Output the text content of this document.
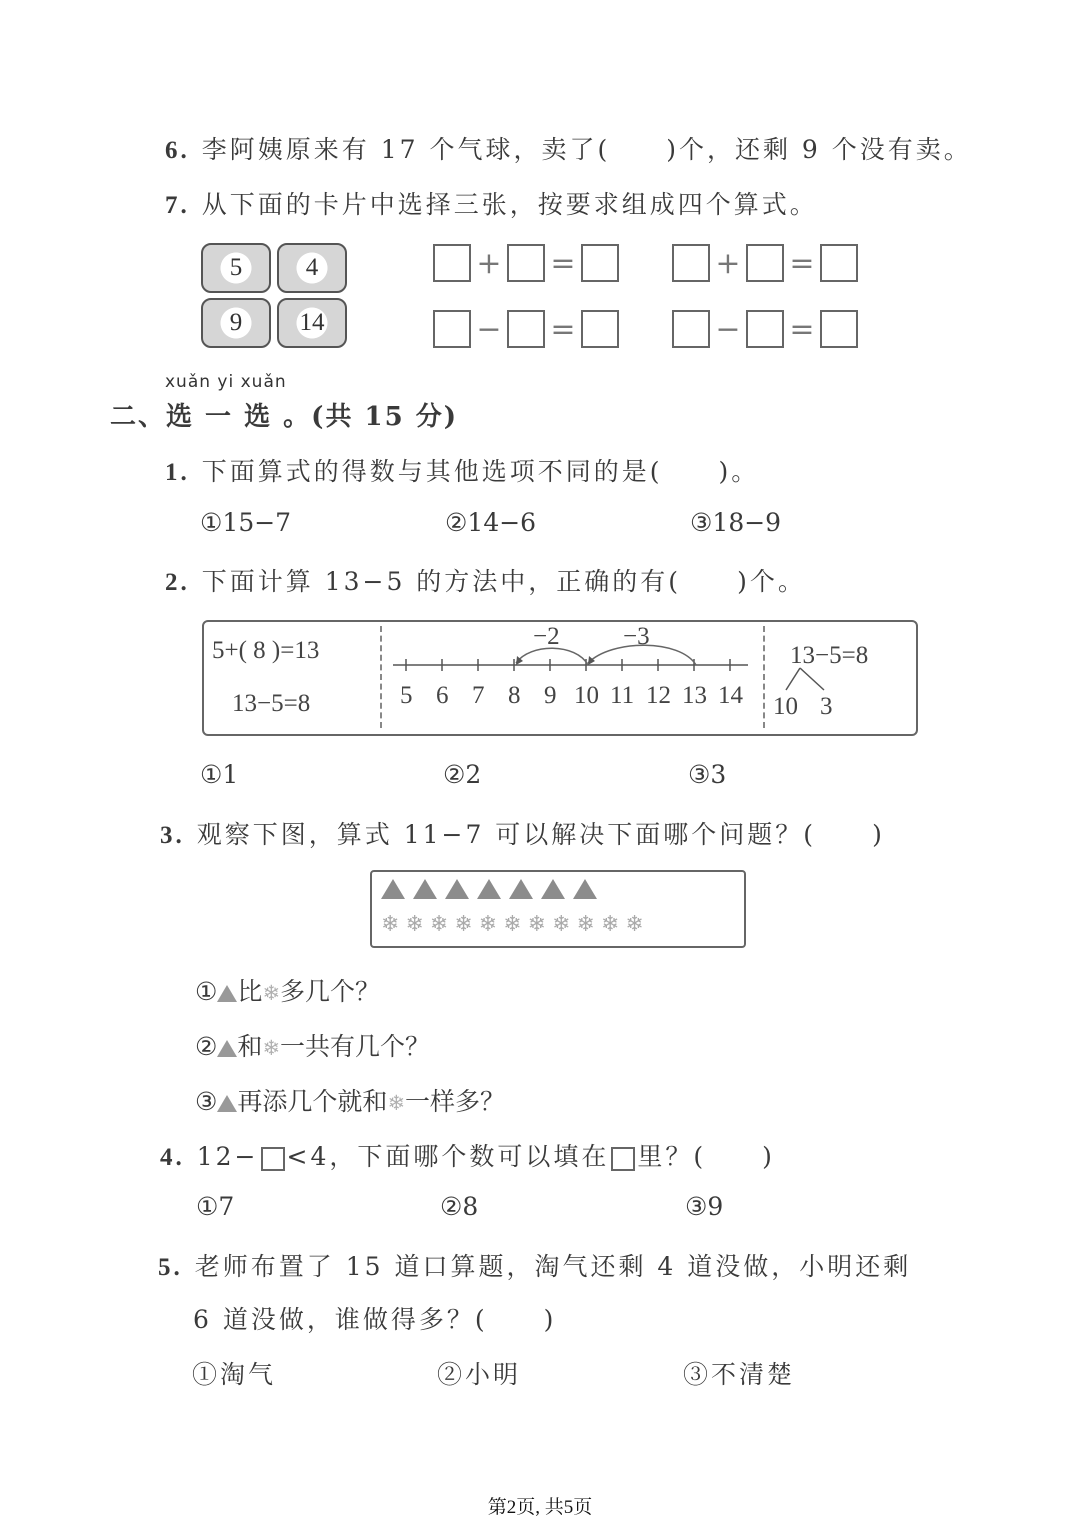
6. 李阿姨原来有 17 个气球，卖了(　　)个，还剩 9 个没有卖。
7. 从下面的卡片中选择三张，按要求组成四个算式。
5	4
9	14
+ =	+ =
− =	− =
xuǎn yi xuǎn
二、选 一 选 。(共 15 分)
1. 下面算式的得数与其他选项不同的是(　　)。
①15−7	②14−6	③18−9
2. 下面计算 13−5 的方法中，正确的有(　　)个。
5+( 8 )=13
13−5=8
−2	−3
5 6 7 8 9 10 11 12 13 14
13−5=8
10 3
①1	②2	③3
3. 观察下图，算式 11−7 可以解决下面哪个问题？(　　)
❄ ❄ ❄ ❄ ❄ ❄ ❄ ❄ ❄ ❄ ❄
① 比❄多几个？
② 和❄一共有几个？
③ 再添几个就和❄一样多？
4. 12− <4，下面哪个数可以填在 里？(　　)
①7	②8	③9
5. 老师布置了 15 道口算题，淘气还剩 4 道没做，小明还剩
6 道没做，谁做得多？(　　)
①淘气	②小明	③不清楚
第2页, 共5页
